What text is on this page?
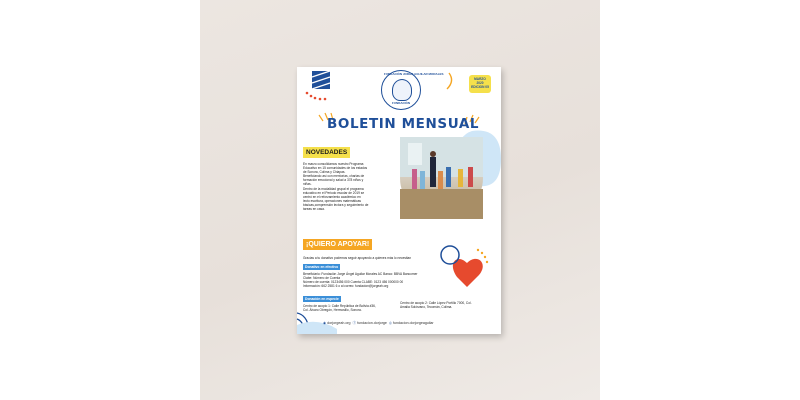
FUNDACIÓN JORGE AGUILAR MORALES
FUNDACIÓN
MARZO
2020
EDICION 05
BOLETIN MENSUAL
NOVEDADES
En marzo consolidamos nuestro Programa
Educativo en 15 comunidades de los estados
de Sonora, Colima y Chiapas.
Beneficiando así con mentorías, charlas de
formación emocional y salud a 378 niños y
niñas.
Dentro de la modalidad grupal el programa
educativo en el Periodo escolar de 2019 se
centró en el reforzamiento académico en
lecto escritura, operaciones matemáticas
básicas,comprensión lectora y seguimiento de
tareas en casa.
¡QUIERO APOYAR!
Gracias a tu donativo podemos seguir apoyando a quienes más lo necesitan
Donativo en efectivo
Beneficiario: Fundación Jorge Ángel Aguilar Morales AC Banco: BBVA Bancomer
Clabe: Número de Cuenta
Número de cuenta: 0123456 000 Cuenta CLABE: 0123 456 000000 00
Información: 662 2581 6 o al correo: fundacion@jorgeah.org
Donación en especie
Centro de acopio 1: Calle República de Bolivia #36,
Col. Álvaro Obregón, Hermosillo, Sonora.
Centro de acopio 2: Calle López Portillo 7000, Col.
Amalia Solórzano, Tecomán, Colima.
◉ dorjorgeah.org ⓕ fundacion.dorjorge ◎ fundacion.dorjorgeaguilar
